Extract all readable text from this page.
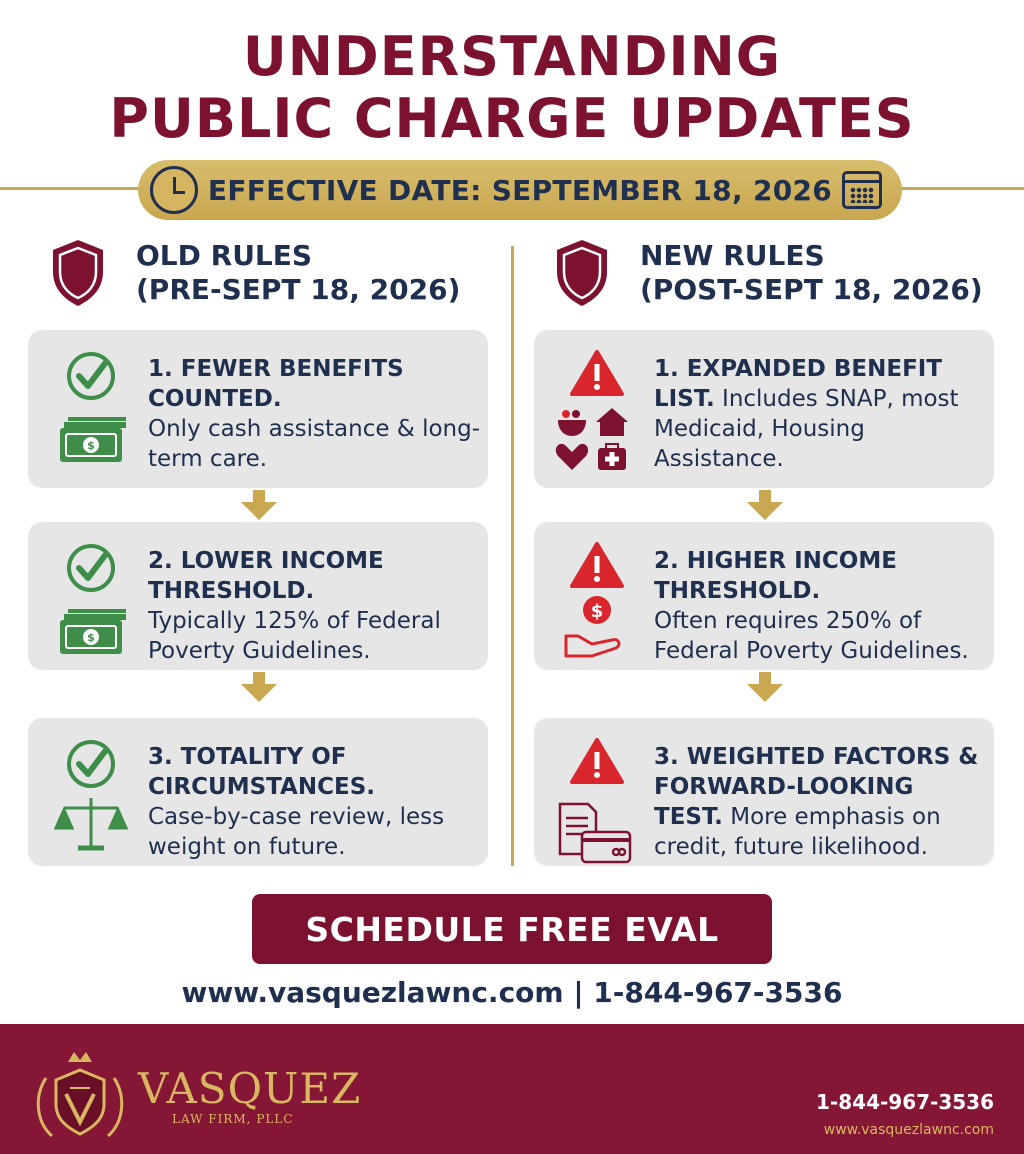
UNDERSTANDING
PUBLIC CHARGE UPDATES
EFFECTIVE DATE: SEPTEMBER 18, 2026
OLD RULES
(PRE-SEPT 18, 2026)
NEW RULES
(POST-SEPT 18, 2026)
$
1. FEWER BENEFITS COUNTED.
Only cash assistance & long-term care.
$
2. LOWER INCOME THRESHOLD.
Typically 125% of Federal Poverty Guidelines.
3. TOTALITY OF CIRCUMSTANCES.
Case-by-case review, less weight on future.
1. EXPANDED BENEFIT LIST. Includes SNAP, most Medicaid, Housing Assistance.
$
2. HIGHER INCOME THRESHOLD.
Often requires 250% of Federal Poverty Guidelines.
3. WEIGHTED FACTORS & FORWARD-LOOKING TEST. More emphasis on credit, future likelihood.
SCHEDULE FREE EVAL
www.vasquezlawnc.com | 1-844-967-3536
VASQUEZ
LAW FIRM, PLLC
1-844-967-3536
www.vasquezlawnc.com
